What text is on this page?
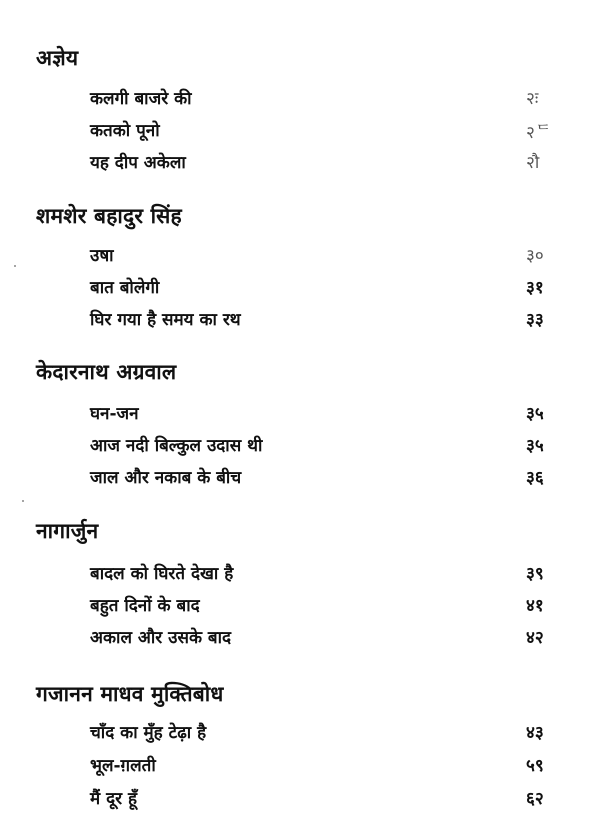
अज्ञेय
कलगी बाजरे की	२ः
कतको पूनो	२ᄃ
यह दीप अकेला	२ौ
शमशेर बहादुर सिंह
उषा	३०
बात बोलेगी	३१
घिर गया है समय का रथ	३३
केदारनाथ अग्रवाल
घन-जन	३५
आज नदी बिल्कुल उदास थी	३५
जाल और नकाब के बीच	३६
नागार्जुन
बादल को घिरते देखा है	३९
बहुत दिनों के बाद	४१
अकाल और उसके बाद	४२
गजानन माधव मुक्तिबोध
चाँद का मुँह टेढ़ा है	४३
भूल-ग़लती	५९
मैं दूर हूँ	६२
